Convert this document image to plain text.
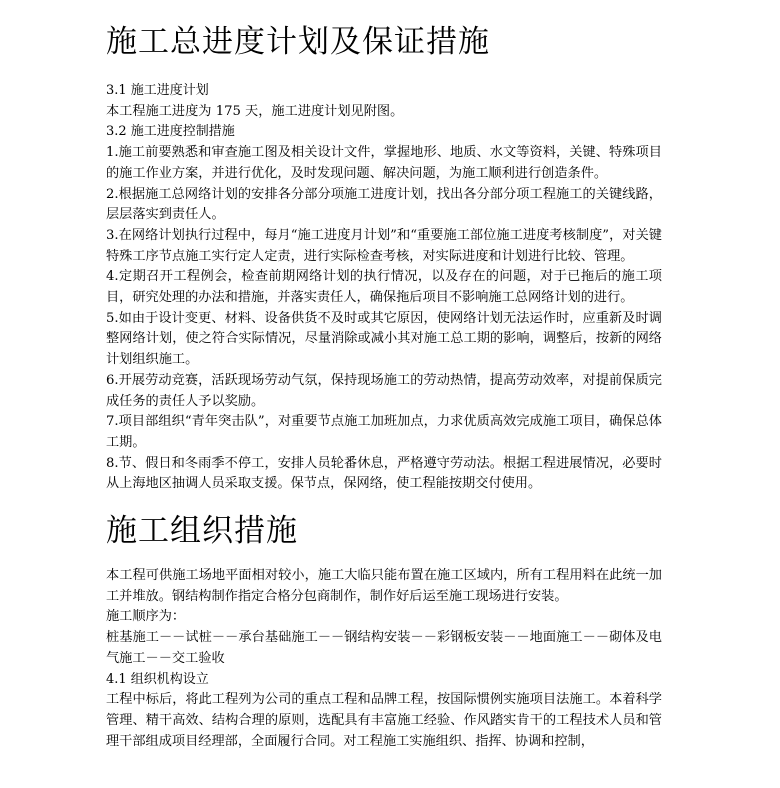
施工总进度计划及保证措施

3.1 施工进度计划

本工程施工进度为 175 天，施工进度计划见附图。

3.2 施工进度控制措施

1.施工前要熟悉和审查施工图及相关设计文件，掌握地形、地质、水文等资料，关键、特殊项目的施工作业方案，并进行优化，及时发现问题、解决问题，为施工顺利进行创造条件。

2.根据施工总网络计划的安排各分部分项施工进度计划，找出各分部分项工程施工的关键线路，层层落实到责任人。

3.在网络计划执行过程中，每月“施工进度月计划”和“重要施工部位施工进度考核制度”，对关键特殊工序节点施工实行定人定责，进行实际检查考核，对实际进度和计划进行比较、管理。

4.定期召开工程例会，检查前期网络计划的执行情况，以及存在的问题，对于已拖后的施工项目，研究处理的办法和措施，并落实责任人，确保拖后项目不影响施工总网络计划的进行。

5.如由于设计变更、材料、设备供货不及时或其它原因，使网络计划无法运作时，应重新及时调整网络计划，使之符合实际情况，尽量消除或减小其对施工总工期的影响，调整后，按新的网络计划组织施工。

6.开展劳动竞赛，活跃现场劳动气氛，保持现场施工的劳动热情，提高劳动效率，对提前保质完成任务的责任人予以奖励。

7.项目部组织“青年突击队”，对重要节点施工加班加点，力求优质高效完成施工项目，确保总体工期。

8.节、假日和冬雨季不停工，安排人员轮番休息，严格遵守劳动法。根据工程进展情况，必要时从上海地区抽调人员采取支援。保节点，保网络，使工程能按期交付使用。

施工组织措施

本工程可供施工场地平面相对较小，施工大临只能布置在施工区域内，所有工程用料在此统一加工并堆放。钢结构制作指定合格分包商制作，制作好后运至施工现场进行安装。

施工顺序为：

桩基施工－－试桩－－承台基础施工－－钢结构安装－－彩钢板安装－－地面施工－－砌体及电气施工－－交工验收

4.1 组织机构设立

工程中标后，将此工程列为公司的重点工程和品牌工程，按国际惯例实施项目法施工。本着科学管理、精干高效、结构合理的原则，选配具有丰富施工经验、作风踏实肯干的工程技术人员和管理干部组成项目经理部，全面履行合同。对工程施工实施组织、指挥、协调和控制，
